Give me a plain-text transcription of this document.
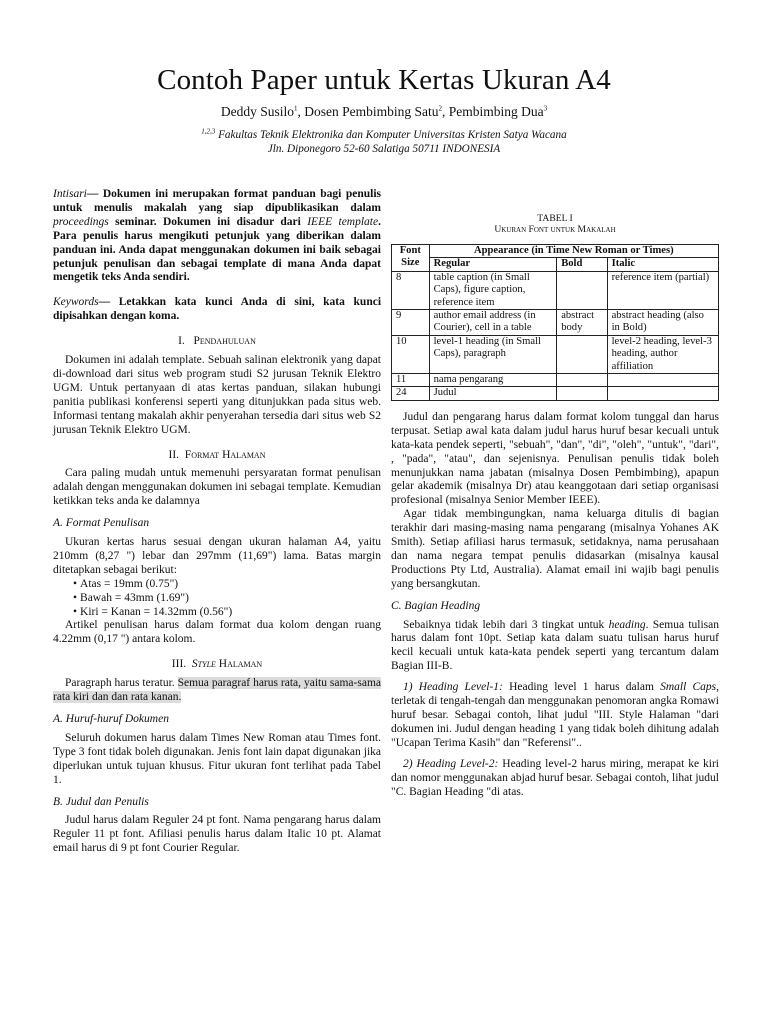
Contoh Paper untuk Kertas Ukuran A4
Deddy Susilo$^1$, Dosen Pembimbing Satu$^2$, Pembimbing Dua$^3$
$^{1,2,3}$ Fakultas Teknik Elektronika dan Komputer Universitas Kristen Satya Wacana
Jln. Diponegoro 52-60 Salatiga 50711 INDONESIA

Intisari— Dokumen ini merupakan format panduan bagi penulis untuk menulis makalah yang siap dipublikasikan dalam proceedings seminar. Dokumen ini disadur dari IEEE template. Para penulis harus mengikuti petunjuk yang diberikan dalam panduan ini. Anda dapat menggunakan dokumen ini baik sebagai petunjuk penulisan dan sebagai template di mana Anda dapat mengetik teks Anda sendiri.

Keywords— Letakkan kata kunci Anda di sini, kata kunci dipisahkan dengan koma.

I. Pendahuluan

Dokumen ini adalah template. Sebuah salinan elektronik yang dapat di-download dari situs web program studi S2 jurusan Teknik Elektro UGM. Untuk pertanyaan di atas kertas panduan, silakan hubungi panitia publikasi konferensi seperti yang ditunjukkan pada situs web. Informasi tentang makalah akhir penyerahan tersedia dari situs web S2 jurusan Teknik Elektro UGM.

II. Format Halaman

Cara paling mudah untuk memenuhi persyaratan format penulisan adalah dengan menggunakan dokumen ini sebagai template. Kemudian ketikkan teks anda ke dalamnya

A. Format Penulisan

Ukuran kertas harus sesuai dengan ukuran halaman A4, yaitu 210mm (8,27 ") lebar dan 297mm (11,69") lama. Batas margin ditetapkan sebagai berikut:

• Atas = 19mm (0.75")
• Bawah = 43mm (1.69")
• Kiri = Kanan = 14.32mm (0.56")

Artikel penulisan harus dalam format dua kolom dengan ruang 4.22mm (0,17 ") antara kolom.

III. Style Halaman

Paragraph harus teratur. Semua paragraf harus rata, yaitu sama-sama rata kiri dan dan rata kanan.

A. Huruf-huruf Dokumen

Seluruh dokumen harus dalam Times New Roman atau Times font. Type 3 font tidak boleh digunakan. Jenis font lain dapat digunakan jika diperlukan untuk tujuan khusus. Fitur ukuran font terlihat pada Tabel 1.

B. Judul dan Penulis

Judul harus dalam Reguler 24 pt font. Nama pengarang harus dalam Reguler 11 pt font. Afiliasi penulis harus dalam Italic 10 pt. Alamat email harus di 9 pt font Courier Regular.

TABEL I
Ukuran Font untuk Makalah
Font Size	Appearance (in Time New Roman or Times)		
	Regular	Bold	Italic
8	table caption (in Small Caps), figure caption, reference item		reference item (partial)
9	author email address (in Courier), cell in a table	abstract body	abstract heading (also in Bold)
10	level-1 heading (in Small Caps), paragraph		level-2 heading, level-3 heading, author affiliation
11	nama pengarang		
24	Judul		

Judul dan pengarang harus dalam format kolom tunggal dan harus terpusat. Setiap awal kata dalam judul harus huruf besar kecuali untuk kata-kata pendek seperti, "sebuah", "dan", "di", "oleh", "untuk", "dari", , "pada", "atau", dan sejenisnya. Penulisan penulis tidak boleh menunjukkan nama jabatan (misalnya Dosen Pembimbing), apapun gelar akademik (misalnya Dr) atau keanggotaan dari setiap organisasi profesional (misalnya Senior Member IEEE).

Agar tidak membingungkan, nama keluarga ditulis di bagian terakhir dari masing-masing nama pengarang (misalnya Yohanes AK Smith). Setiap afiliasi harus termasuk, setidaknya, nama perusahaan dan nama negara tempat penulis didasarkan (misalnya kausal Productions Pty Ltd, Australia). Alamat email ini wajib bagi penulis yang bersangkutan.

C. Bagian Heading

Sebaiknya tidak lebih dari 3 tingkat untuk heading. Semua tulisan harus dalam font 10pt. Setiap kata dalam suatu tulisan harus huruf kecil kecuali untuk kata-kata pendek seperti yang tercantum dalam Bagian III-B.

1) Heading Level-1: Heading level 1 harus dalam Small Caps, terletak di tengah-tengah dan menggunakan penomoran angka Romawi huruf besar. Sebagai contoh, lihat judul "III. Style Halaman "dari dokumen ini. Judul dengan heading 1 yang tidak boleh dihitung adalah "Ucapan Terima Kasih" dan "Referensi"..

2) Heading Level-2: Heading level-2 harus miring, merapat ke kiri dan nomor menggunakan abjad huruf besar. Sebagai contoh, lihat judul "C. Bagian Heading "di atas.
